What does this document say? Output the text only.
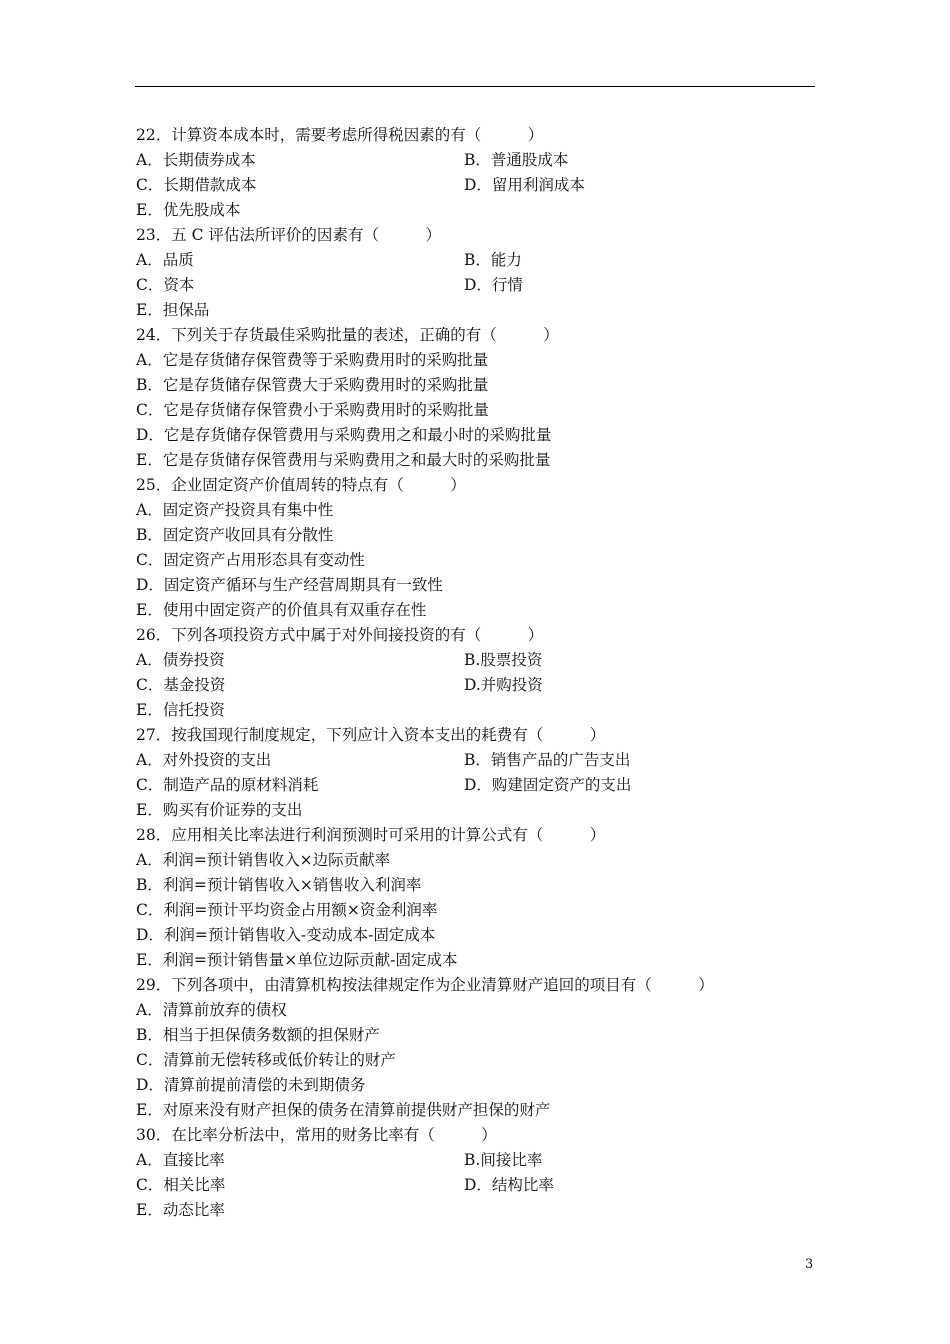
22．计算资本成本时，需要考虑所得税因素的有（　　　）
A．长期债券成本	B．普通股成本
C．长期借款成本	D．留用利润成本
E．优先股成本
23．五 C 评估法所评价的因素有（　　　）
A．品质	B．能力
C．资本	D．行情
E．担保品
24．下列关于存货最佳采购批量的表述，正确的有（　　　）
A．它是存货储存保管费等于采购费用时的采购批量
B．它是存货储存保管费大于采购费用时的采购批量
C．它是存货储存保管费小于采购费用时的采购批量
D．它是存货储存保管费用与采购费用之和最小时的采购批量
E．它是存货储存保管费用与采购费用之和最大时的采购批量
25．企业固定资产价值周转的特点有（　　　）
A．固定资产投资具有集中性
B．固定资产收回具有分散性
C．固定资产占用形态具有变动性
D．固定资产循环与生产经营周期具有一致性
E．使用中固定资产的价值具有双重存在性
26．下列各项投资方式中属于对外间接投资的有（　　　）
A．债券投资	B.股票投资
C．基金投资	D.并购投资
E．信托投资
27．按我国现行制度规定，下列应计入资本支出的耗费有（　　　）
A．对外投资的支出	B．销售产品的广告支出
C．制造产品的原材料消耗	D．购建固定资产的支出
E．购买有价证券的支出
28．应用相关比率法进行利润预测时可采用的计算公式有（　　　）
A．利润=预计销售收入×边际贡献率
B．利润=预计销售收入×销售收入利润率
C．利润=预计平均资金占用额×资金利润率
D．利润=预计销售收入-变动成本-固定成本
E．利润=预计销售量×单位边际贡献-固定成本
29．下列各项中，由清算机构按法律规定作为企业清算财产追回的项目有（　　　）
A．清算前放弃的债权
B．相当于担保债务数额的担保财产
C．清算前无偿转移或低价转让的财产
D．清算前提前清偿的未到期债务
E．对原来没有财产担保的债务在清算前提供财产担保的财产
30．在比率分析法中，常用的财务比率有（　　　）
A．直接比率	B.间接比率
C．相关比率	D．结构比率
E．动态比率
3
